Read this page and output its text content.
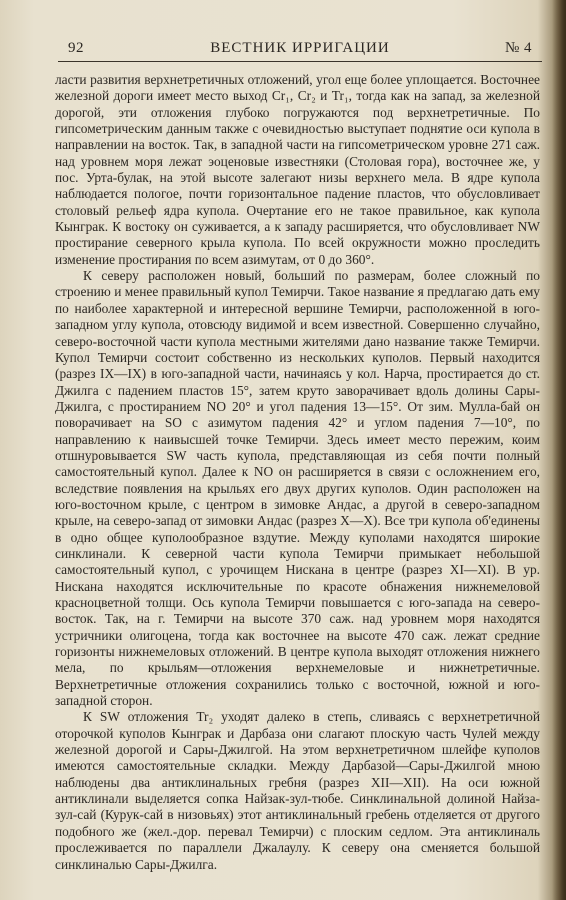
92	ВЕСТНИК ИРРИГАЦИИ	№ 4

ласти развития верхнетретичных отложений, угол еще более уплощается. Восточнее железной дороги имеет место выход Cr₁, Cr₂ и Tr₁, тогда как на запад, за железной дорогой, эти отложения глубоко погружаются под верхнетретичные. По гипсометрическим данным также с очевидностью выступает поднятие оси купола в направлении на восток. Так, в западной части на гипсометрическом уровне 271 саж. над уровнем моря лежат эоценовые известняки (Столовая гора), восточнее же, у пос. Урта-булак, на этой высоте залегают низы верхнего мела. В ядре купола наблюдается пологое, почти горизонтальное падение пластов, что обусловливает столовый рельеф ядра купола. Очертание его не такое правильное, как купола Кынграк. К востоку он суживается, а к западу расширяется, что обусловливает NW простирание северного крыла купола. По всей окружности можно проследить изменение простирания по всем азимутам, от 0 до 360°.

К северу расположен новый, больший по размерам, более сложный по строению и менее правильный купол Темирчи. Такое название я предлагаю дать ему по наиболее характерной и интересной вершине Темирчи, расположенной в юго-западном углу купола, отовсюду видимой и всем известной. Совершенно случайно, северо-восточной части купола местными жителями дано название также Темирчи. Купол Темирчи состоит собственно из нескольких куполов. Первый находится (разрез IX—IX) в юго-западной части, начинаясь у кол. Нарча, простирается до ст. Джилга с падением пластов 15°, затем круто заворачивает вдоль долины Сары-Джилга, с простиранием NO 20° и угол падения 13—15°. От зим. Мулла-бай он поворачивает на SO с азимутом падения 42° и углом падения 7—10°, по направлению к наивысшей точке Темирчи. Здесь имеет место пережим, коим отшнуровывается SW часть купола, представляющая из себя почти полный самостоятельный купол. Далее к NO он расширяется в связи с осложнением его, вследствие появления на крыльях его двух других куполов. Один расположен на юго-восточном крыле, с центром в зимовке Андас, а другой в северо-западном крыле, на северо-запад от зимовки Андас (разрез X—X). Все три купола об'единены в одно общее куполообразное вздутие. Между куполами находятся широкие синклинали. К северной части купола Темирчи примыкает небольшой самостоятельный купол, с урочищем Нискана в центре (разрез XI—XI). В ур. Нискана находятся исключительные по красоте обнажения нижнемеловой красноцветной толщи. Ось купола Темирчи повышается с юго-запада на северо-восток. Так, на г. Темирчи на высоте 370 саж. над уровнем моря находятся устричники олигоцена, тогда как восточнее на высоте 470 саж. лежат средние горизонты нижнемеловых отложений. В центре купола выходят отложения нижнего мела, по крыльям—отложения верхнемеловые и нижнетретичные. Верхнетретичные отложения сохранились только с восточной, южной и юго-западной сторон.

К SW отложения Tr₂ уходят далеко в степь, сливаясь с верхнетретичной оторочкой куполов Кынграк и Дарбаза они слагают плоскую часть Чулей между железной дорогой и Сары-Джилгой. На этом верхнетретичном шлейфе куполов имеются самостоятельные складки. Между Дарбазой—Сары-Джилгой мною наблюдены два антиклинальных гребня (разрез XII—XII). На оси южной антиклинали выделяется сопка Найзак-зул-тюбе. Синклинальной долиной Найза-зул-сай (Курук-сай в низовьях) этот антиклинальный гребень отделяется от другого подобного же (жел.-дор. перевал Темирчи) с плоским седлом. Эта антиклиналь прослеживается по параллели Джалаулу. К северу она сменяется большой синклиналью Сары-Джилга.
